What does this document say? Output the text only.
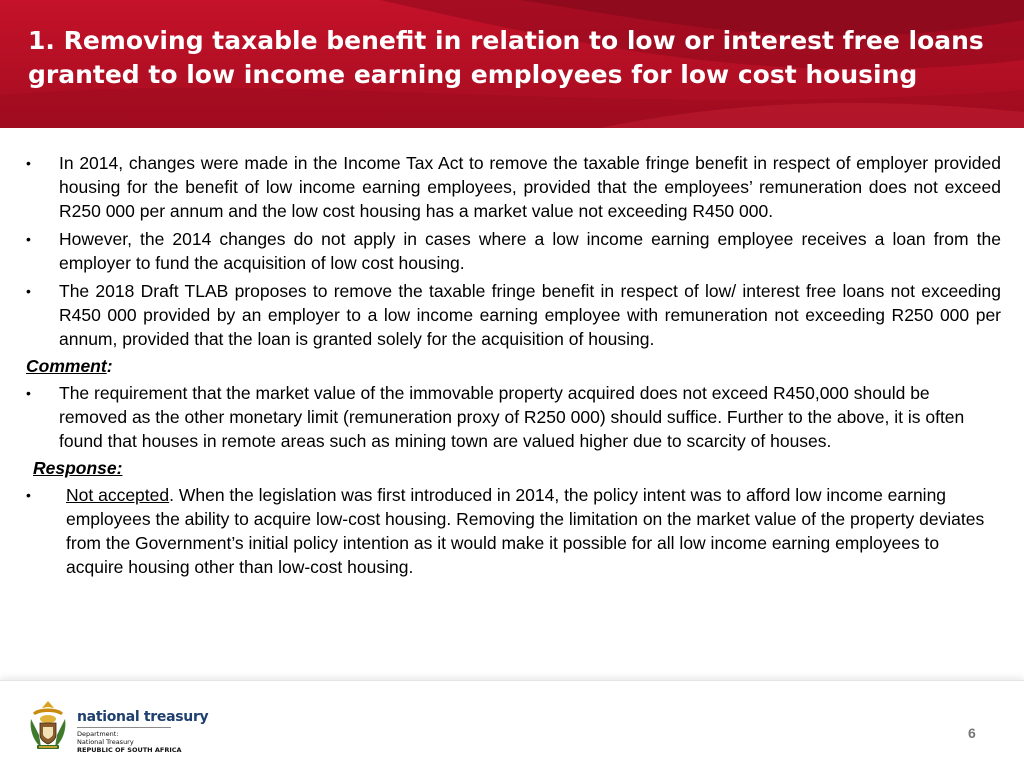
1. Removing taxable benefit in relation to low or interest free loans granted to low income earning employees for low cost housing
•	In 2014, changes were made in the Income Tax Act to remove the taxable fringe benefit in respect of employer provided housing for the benefit of low income earning employees, provided that the employees’ remuneration does not exceed R250 000 per annum and the low cost housing has a market value not exceeding R450 000.
•	However, the 2014 changes do not apply in cases where a low income earning employee receives a loan from the employer to fund the acquisition of low cost housing.
•	The 2018 Draft TLAB proposes to remove the taxable fringe benefit in respect of low/ interest free loans not exceeding R450 000 provided by an employer to a low income earning employee with remuneration not exceeding R250 000 per annum, provided that the loan is granted solely for the acquisition of housing.
Comment:
•	The requirement that the market value of the immovable property acquired does not exceed R450,000 should be removed as the other monetary limit (remuneration proxy of R250 000) should suffice. Further to the above, it is often found that houses in remote areas such as mining town are valued higher due to scarcity of houses.
Response:
•	Not accepted. When the legislation was first introduced in 2014, the policy intent was to afford low income earning employees the ability to acquire low-cost housing. Removing the limitation on the market value of the property deviates from the Government’s initial policy intention as it would make it possible for all low income earning employees to acquire housing other than low-cost housing.
national treasury
Department:
National Treasury
REPUBLIC OF SOUTH AFRICA
6
